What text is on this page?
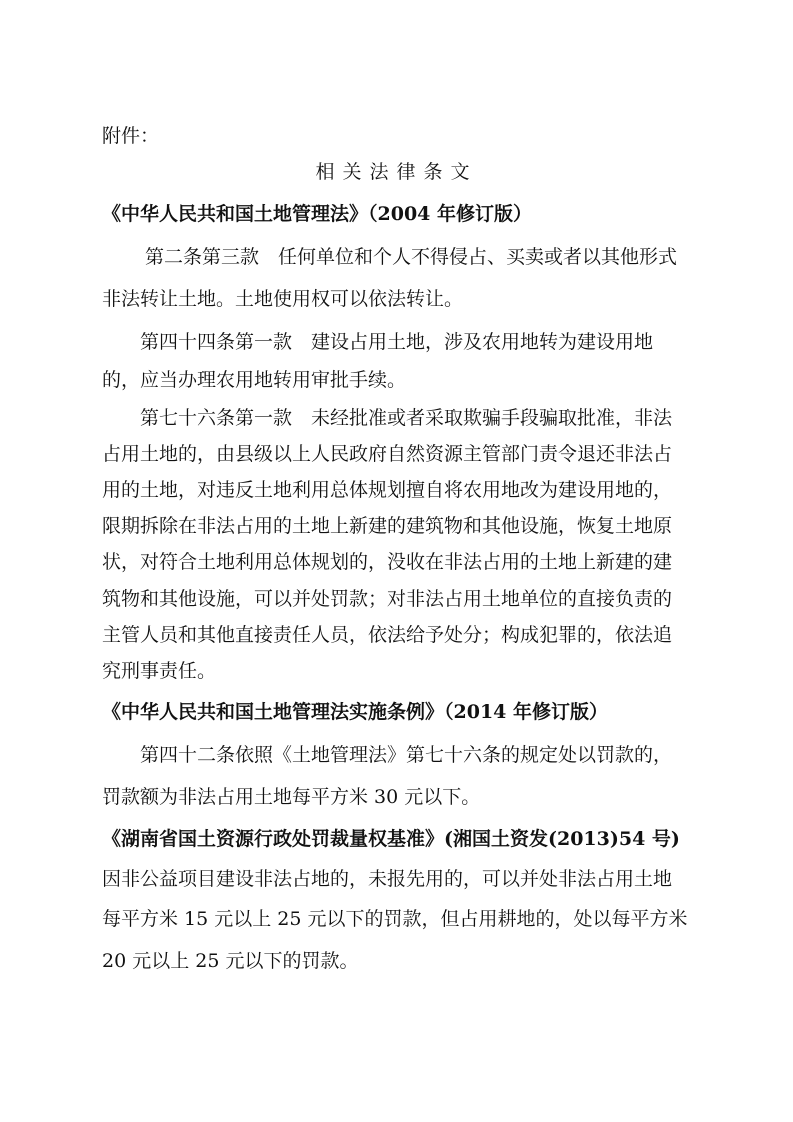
附件：
相关法律条文
《中华人民共和国土地管理法》（2004 年修订版）
第二条第三款　任何单位和个人不得侵占、买卖或者以其他形式
非法转让土地。土地使用权可以依法转让。
第四十四条第一款　建设占用土地，涉及农用地转为建设用地
的，应当办理农用地转用审批手续。
第七十六条第一款　未经批准或者采取欺骗手段骗取批准，非法
占用土地的，由县级以上人民政府自然资源主管部门责令退还非法占
用的土地，对违反土地利用总体规划擅自将农用地改为建设用地的，
限期拆除在非法占用的土地上新建的建筑物和其他设施，恢复土地原
状，对符合土地利用总体规划的，没收在非法占用的土地上新建的建
筑物和其他设施，可以并处罚款；对非法占用土地单位的直接负责的
主管人员和其他直接责任人员，依法给予处分；构成犯罪的，依法追
究刑事责任。
《中华人民共和国土地管理法实施条例》（2014 年修订版）
第四十二条依照《土地管理法》第七十六条的规定处以罚款的，
罚款额为非法占用土地每平方米 30 元以下。
《湖南省国土资源行政处罚裁量权基准》(湘国土资发(2013)54 号)
因非公益项目建设非法占地的，未报先用的，可以并处非法占用土地
每平方米 15 元以上 25 元以下的罚款，但占用耕地的，处以每平方米
20 元以上 25 元以下的罚款。
